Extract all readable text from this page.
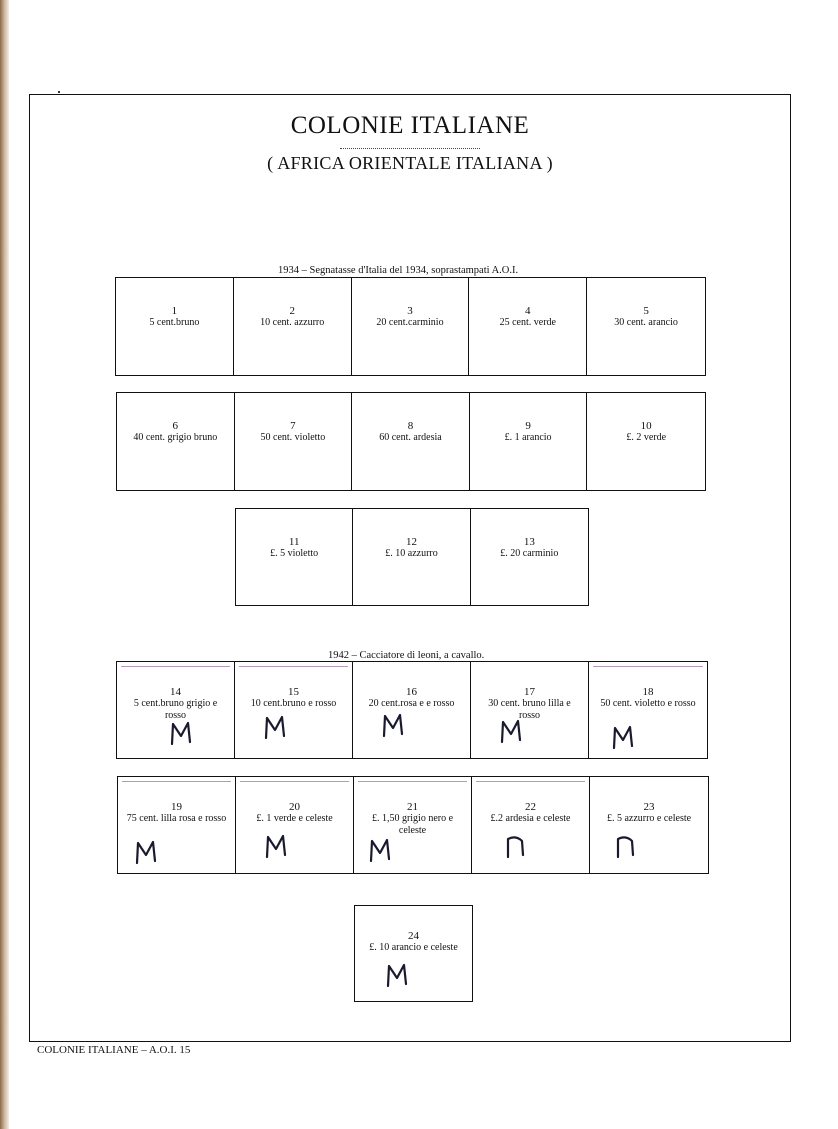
COLONIE ITALIANE
( AFRICA ORIENTALE ITALIANA )
1934 – Segnatasse d'Italia del 1934, soprastampati A.O.I.
1
5 cent.bruno
2
10 cent. azzurro
3
20 cent.carminio
4
25 cent. verde
5
30 cent. arancio
6
40 cent. grigio bruno
7
50 cent. violetto
8
60 cent. ardesia
9
£. 1 arancio
10
£. 2 verde
11
£. 5 violetto
12
£. 10 azzurro
13
£. 20 carminio
1942 – Cacciatore di leoni, a cavallo.
14
5 cent.bruno grigio e rosso
15
10 cent.bruno e rosso
16
20 cent.rosa e e rosso
17
30 cent. bruno lilla e rosso
18
50 cent. violetto e rosso
19
75 cent. lilla rosa e rosso
20
£. 1 verde e celeste
21
£. 1,50 grigio nero e celeste
22
£.2 ardesia e celeste
23
£. 5 azzurro e celeste
24
£. 10 arancio e celeste
COLONIE ITALIANE – A.O.I. 15
